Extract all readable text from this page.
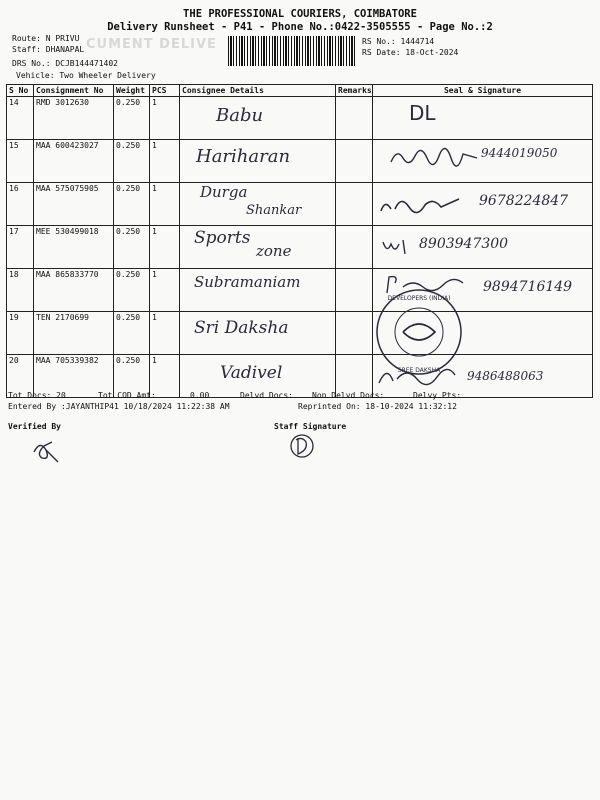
THE PROFESSIONAL COURIERS, COIMBATORE
Delivery Runsheet - P41 - Phone No.:0422-3505555 - Page No.:2
CUMENT DELIVE
Route: N PRIVU
Staff: DHANAPAL
DRS No.: DCJB144471402
Vehicle: Two Wheeler Delivery
RS No.: 1444714
RS Date: 18-Oct-2024
S No	Consignment No	Weight	PCS	Consignee Details	Remarks	Seal & Signature
14	RMD 3012630	0.250	1	Babu		DL

15	MAA 600423027	0.250	1	Hariharan		9444019050

16	MAA 575075905	0.250	1	Durga
Shankar		9678224847

17	MEE 530499018	0.250	1	Sports
zone		8903947300

18	MAA 865833770	0.250	1	Subramaniam		9894716149

19	TEN 2170699	0.250	1	Sri Daksha		DEVELOPERS (INDIA)
SREE DAKSHA

20	MAA 705339382	0.250	1	Vadivel		9486488063
Tot Docs: 20	Tot COD Amt:	0.00	Delvd Docs: Non Delvd Docs:	Delvy Pts:
Entered By :JAYANTHIP41 10/18/2024 11:22:38 AM	Reprinted On: 18-10-2024 11:32:12
Verified By	Staff Signature
